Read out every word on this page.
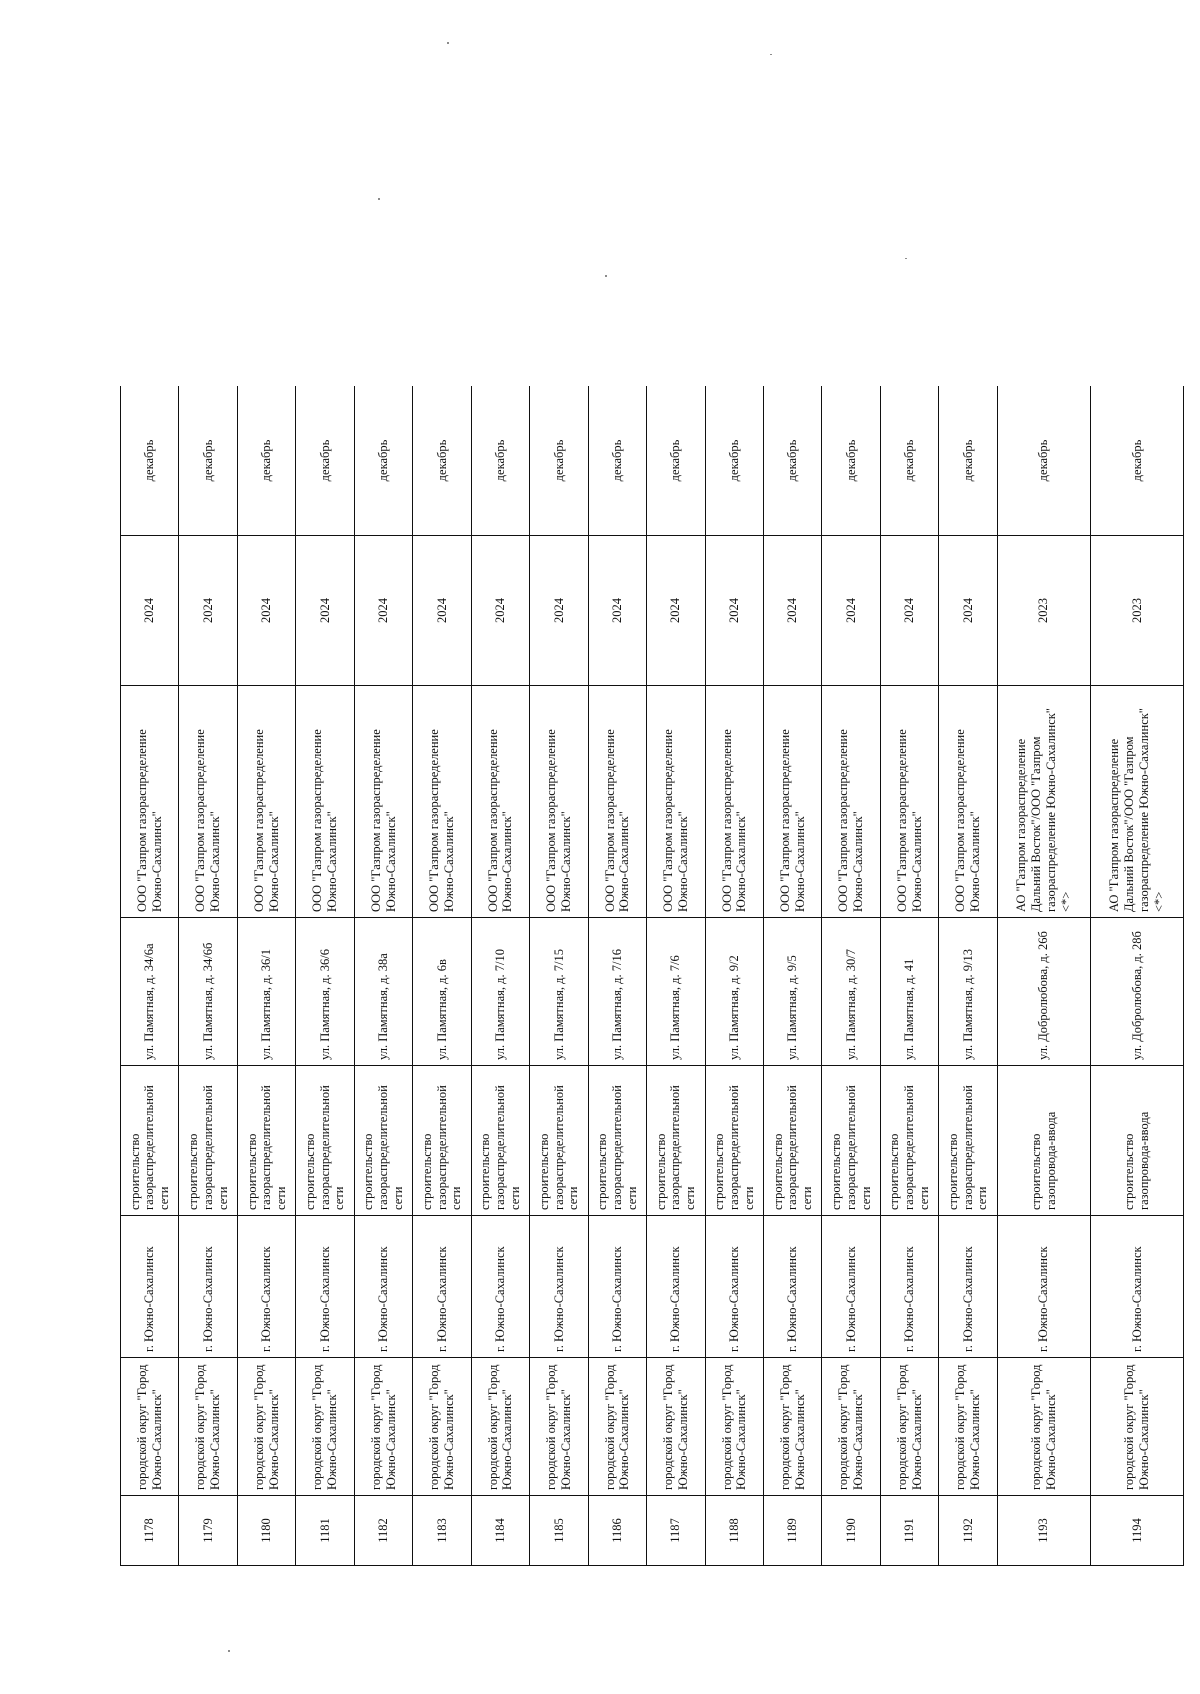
1178	городской округ "Город Южно-Сахалинск"	г. Южно-Сахалинск	строительство газораспределительной сети	ул. Памятная, д. 34/6а	ООО "Газпром газораспределение Южно-Сахалинск"	2024	декабрь
1179	городской округ "Город Южно-Сахалинск"	г. Южно-Сахалинск	строительство газораспределительной сети	ул. Памятная, д. 34/6б	ООО "Газпром газораспределение Южно-Сахалинск"	2024	декабрь
1180	городской округ "Город Южно-Сахалинск"	г. Южно-Сахалинск	строительство газораспределительной сети	ул. Памятная, д. 36/1	ООО "Газпром газораспределение Южно-Сахалинск"	2024	декабрь
1181	городской округ "Город Южно-Сахалинск"	г. Южно-Сахалинск	строительство газораспределительной сети	ул. Памятная, д. 36/6	ООО "Газпром газораспределение Южно-Сахалинск"	2024	декабрь
1182	городской округ "Город Южно-Сахалинск"	г. Южно-Сахалинск	строительство газораспределительной сети	ул. Памятная, д. 38а	ООО "Газпром газораспределение Южно-Сахалинск"	2024	декабрь
1183	городской округ "Город Южно-Сахалинск"	г. Южно-Сахалинск	строительство газораспределительной сети	ул. Памятная, д. 6в	ООО "Газпром газораспределение Южно-Сахалинск"	2024	декабрь
1184	городской округ "Город Южно-Сахалинск"	г. Южно-Сахалинск	строительство газораспределительной сети	ул. Памятная, д. 7/10	ООО "Газпром газораспределение Южно-Сахалинск"	2024	декабрь
1185	городской округ "Город Южно-Сахалинск"	г. Южно-Сахалинск	строительство газораспределительной сети	ул. Памятная, д. 7/15	ООО "Газпром газораспределение Южно-Сахалинск"	2024	декабрь
1186	городской округ "Город Южно-Сахалинск"	г. Южно-Сахалинск	строительство газораспределительной сети	ул. Памятная, д. 7/16	ООО "Газпром газораспределение Южно-Сахалинск"	2024	декабрь
1187	городской округ "Город Южно-Сахалинск"	г. Южно-Сахалинск	строительство газораспределительной сети	ул. Памятная, д. 7/6	ООО "Газпром газораспределение Южно-Сахалинск"	2024	декабрь
1188	городской округ "Город Южно-Сахалинск"	г. Южно-Сахалинск	строительство газораспределительной сети	ул. Памятная, д. 9/2	ООО "Газпром газораспределение Южно-Сахалинск"	2024	декабрь
1189	городской округ "Город Южно-Сахалинск"	г. Южно-Сахалинск	строительство газораспределительной сети	ул. Памятная, д. 9/5	ООО "Газпром газораспределение Южно-Сахалинск"	2024	декабрь
1190	городской округ "Город Южно-Сахалинск"	г. Южно-Сахалинск	строительство газораспределительной сети	ул. Памятная, д. 30/7	ООО "Газпром газораспределение Южно-Сахалинск"	2024	декабрь
1191	городской округ "Город Южно-Сахалинск"	г. Южно-Сахалинск	строительство газораспределительной сети	ул. Памятная, д. 41	ООО "Газпром газораспределение Южно-Сахалинск"	2024	декабрь
1192	городской округ "Город Южно-Сахалинск"	г. Южно-Сахалинск	строительство газораспределительной сети	ул. Памятная, д. 9/13	ООО "Газпром газораспределение Южно-Сахалинск"	2024	декабрь
1193	городской округ "Город Южно-Сахалинск"	г. Южно-Сахалинск	строительство газопровода-ввода	ул. Добролюбова, д. 26б	АО "Газпром газораспределение Дальний Восток"/ООО "Газпром газораспределение Южно-Сахалинск" <*>	2023	декабрь
1194	городской округ "Город Южно-Сахалинск"	г. Южно-Сахалинск	строительство газопровода-ввода	ул. Добролюбова, д. 28б	АО "Газпром газораспределение Дальний Восток"/ООО "Газпром газораспределение Южно-Сахалинск" <*>	2023	декабрь
